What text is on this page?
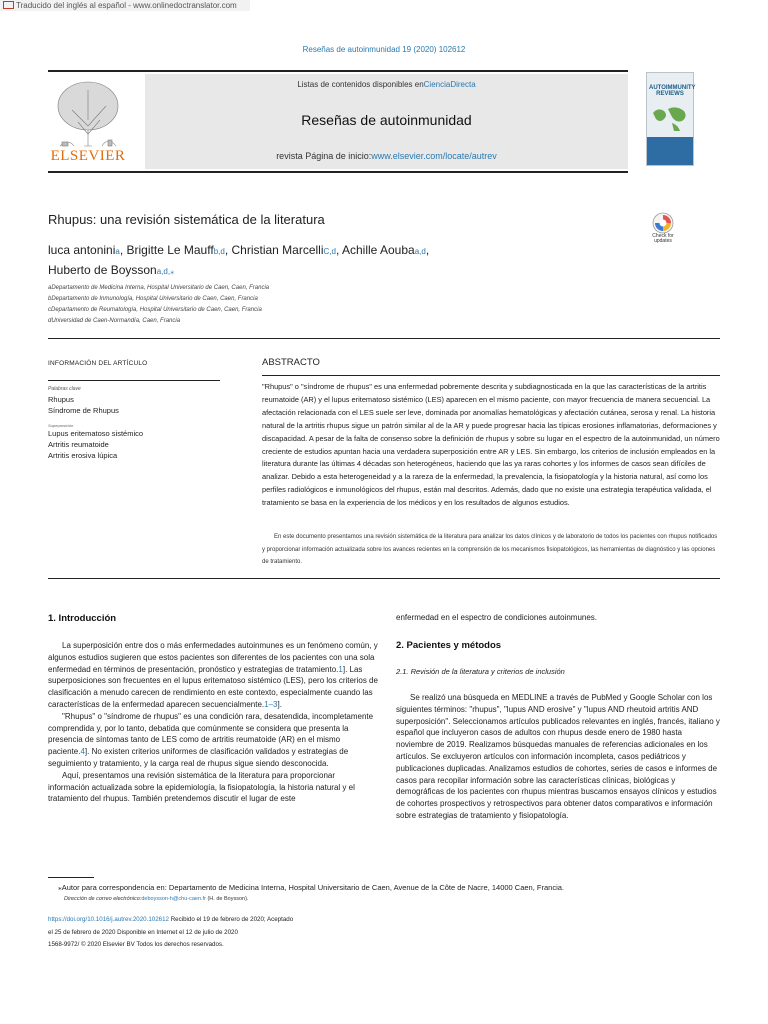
Traducido del inglés al español - www.onlinedoctranslator.com
Reseñas de autoinmunidad 19 (2020) 102612
ELSEVIER
Listas de contenidos disponibles enCienciaDirecta
Reseñas de autoinmunidad
revista Página de inicio:www.elsevier.com/locate/autrev
AUTOIMMUNITY REVIEWS
Rhupus: una revisión sistemática de la literatura
luca antoninia, Brigitte Le Mauffb,d, Christian MarcelliC,d, Achille Aoubaa,d,
Huberto de Boyssona,d,⁎
Check for updates
aDepartamento de Medicina Interna, Hospital Universitario de Caen, Caen, Francia
bDepartamento de Inmunología, Hospital Universitario de Caen, Caen, Francia
cDepartamento de Reumatología, Hospital Universitario de Caen, Caen, Francia
dUniversidad de Caen-Normandía, Caen, Francia
INFORMACIÓN DEL ARTÍCULO
Palabras clave
Rhupus
Síndrome de Rhupus
Superposición
Lupus eritematoso sistémico
Artritis reumatoide
Artritis erosiva lúpica
ABSTRACTO
"Rhupus" o "síndrome de rhupus" es una enfermedad pobremente descrita y subdiagnosticada en la que las características de la artritis reumatoide (AR) y el lupus eritematoso sistémico (LES) aparecen en el mismo paciente, con mayor frecuencia de manera secuencial. La afectación relacionada con el LES suele ser leve, dominada por anomalías hematológicas y afectación cutánea, serosa y renal. La historia natural de la artritis rhupus sigue un patrón similar al de la AR y puede progresar hacia las típicas erosiones inflamatorias, deformaciones y discapacidad. A pesar de la falta de consenso sobre la definición de rhupus y sobre su lugar en el espectro de la autoinmunidad, un número creciente de estudios apuntan hacia una verdadera superposición entre AR y LES. Sin embargo, los criterios de inclusión empleados en la literatura durante las últimas 4 décadas son heterogéneos, haciendo que las ya raras cohortes y los informes de casos sean difíciles de analizar. Debido a esta heterogeneidad y a la rareza de la enfermedad, la prevalencia, la fisiopatología y la historia natural, así como los perfiles radiológicos e inmunológicos del rhupus, están mal descritos. Además, dado que no existe una estrategia terapéutica validada, el tratamiento se basa en la experiencia de los médicos y en los resultados de algunos estudios.
En este documento presentamos una revisión sistemática de la literatura para analizar los datos clínicos y de laboratorio de todos los pacientes con rhupus notificados y proporcionar información actualizada sobre los avances recientes en la comprensión de los mecanismos fisiopatológicos, las herramientas de diagnóstico y las opciones de tratamiento.
1. Introducción

La superposición entre dos o más enfermedades autoinmunes es un fenómeno común, y algunos estudios sugieren que estos pacientes son diferentes de los pacientes con una sola enfermedad en términos de presentación, pronóstico y estrategias de tratamiento.1]. Las superposiciones son frecuentes en el lupus eritematoso sistémico (LES), pero los criterios de clasificación a menudo carecen de rendimiento en este contexto, especialmente cuando las características de la enfermedad aparecen secuencialmente.1–3].

"Rhupus" o "síndrome de rhupus" es una condición rara, desatendida, incompletamente comprendida y, por lo tanto, debatida que comúnmente se considera que presenta la presencia de síntomas tanto de LES como de artritis reumatoide (AR) en el mismo paciente.4]. No existen criterios uniformes de clasificación validados y estrategias de seguimiento y tratamiento, y la carga real de rhupus sigue siendo desconocida.

Aquí, presentamos una revisión sistemática de la literatura para proporcionar información actualizada sobre la epidemiología, la fisiopatología, la historia natural y el tratamiento del rhupus. También pretendemos discutir el lugar de este

enfermedad en el espectro de condiciones autoinmunes.
2. Pacientes y métodos
2.1. Revisión de la literatura y criterios de inclusión

Se realizó una búsqueda en MEDLINE a través de PubMed y Google Scholar con los siguientes términos: "rhupus", "lupus AND erosive" y "lupus AND rheutoid artritis AND superposición". Seleccionamos artículos publicados relevantes en inglés, francés, italiano y español que incluyeron casos de adultos con rhupus desde enero de 1980 hasta noviembre de 2019. Realizamos búsquedas manuales de referencias adicionales en los artículos. Se excluyeron artículos con información incompleta, casos pediátricos y publicaciones duplicadas. Analizamos estudios de cohortes, series de casos e informes de casos para recopilar información sobre las características clínicas, biológicas y demográficas de los pacientes con rhupus mientras buscamos ensayos clínicos y estudios de cohortes prospectivos y retrospectivos para obtener datos comparativos e información sobre estrategias de tratamiento y fisiopatología.

⁎Autor para correspondencia en: Departamento de Medicina Interna, Hospital Universitario de Caen, Avenue de la Côte de Nacre, 14000 Caen, Francia.
Dirección de correo electrónico:deboysson-h@chu-caen.fr (H. de Boysson).
https://doi.org/10.1016/j.autrev.2020.102612 Recibido el 19 de febrero de 2020; Aceptado el 25 de febrero de 2020 Disponible en Internet el 12 de julio de 2020
1568-9972/ © 2020 Elsevier BV Todos los derechos reservados.
